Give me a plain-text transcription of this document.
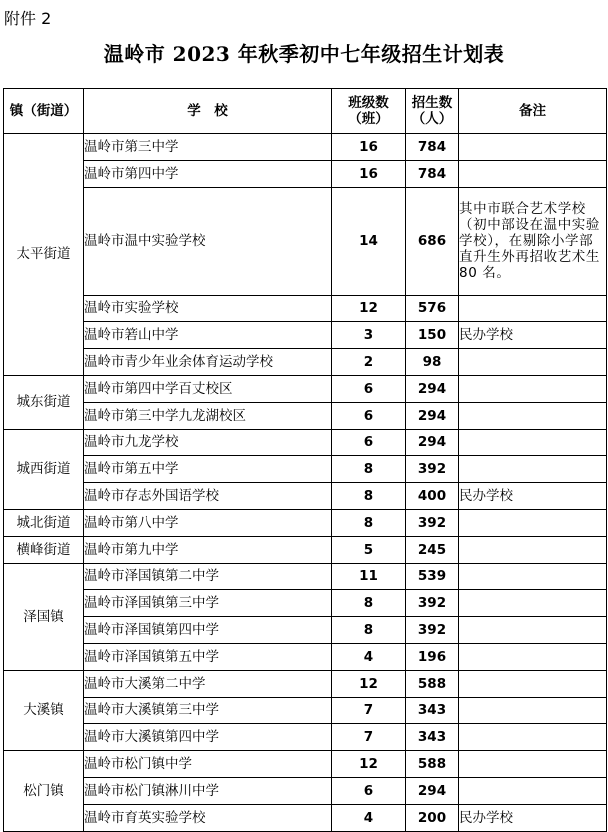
附件 2
温岭市 2023 年秋季初中七年级招生计划表
镇（街道）	学　校	班级数（班）	招生数（人）	备注
太平街道	温岭市第三中学	16	784	
	温岭市第四中学	16	784	
	温岭市温中实验学校	14	686	其中市联合艺术学校（初中部设在温中实验学校），在剔除小学部直升生外再招收艺术生 80 名。
	温岭市实验学校	12	576	
	温岭市箬山中学	3	150	民办学校
	温岭市青少年业余体育运动学校	2	98	
城东街道	温岭市第四中学百丈校区	6	294	
	温岭市第三中学九龙湖校区	6	294	
城西街道	温岭市九龙学校	6	294	
	温岭市第五中学	8	392	
	温岭市存志外国语学校	8	400	民办学校
城北街道	温岭市第八中学	8	392	
横峰街道	温岭市第九中学	5	245	
泽国镇	温岭市泽国镇第二中学	11	539	
	温岭市泽国镇第三中学	8	392	
	温岭市泽国镇第四中学	8	392	
	温岭市泽国镇第五中学	4	196	
大溪镇	温岭市大溪第二中学	12	588	
	温岭市大溪镇第三中学	7	343	
	温岭市大溪镇第四中学	7	343	
松门镇	温岭市松门镇中学	12	588	
	温岭市松门镇淋川中学	6	294	
	温岭市育英实验学校	4	200	民办学校
